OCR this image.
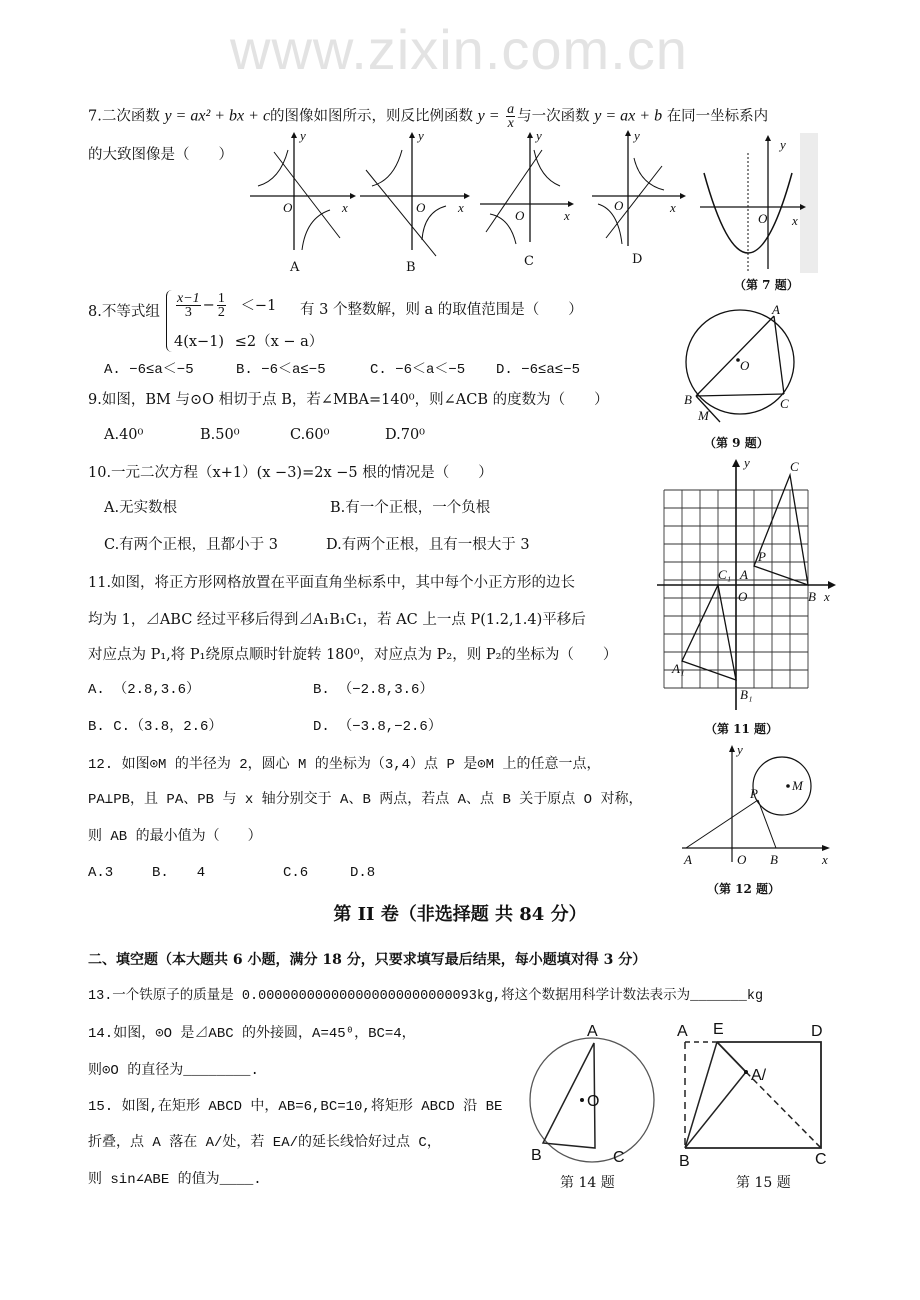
www.zixin.com.cn
7.二次函数 y = ax² + bx + c的图像如图所示，则反比例函数 $y = \frac{a}{x}$ 与一次函数 y = ax + b 在同一坐标系内
的大致图像是（　　）
y
O	x
A
y
O	x
B
y
O	x
C
y
O	x
D
y
O x
（第 7 题）
8.不等式组 $\frac{x-1}{3} - \frac{1}{2} <-1$
4(x−1) ≤2（x − a）
有 3 个整数解，则 a 的取值范围是（　　）
A. −6≤a＜−5	B. −6＜a≤−5	C. −6＜a＜−5 D. −6≤a≤−5
9.如图，BM 与⊙O 相切于点 B，若∠MBA=140⁰，则∠ACB 的度数为（　　）
A.40⁰	B.50⁰	C.60⁰	D.70⁰
A
B	C
O
M
（第 9 题）
10.一元二次方程（x+1）(x −3)=2x −5 根的情况是（　　）
A.无实数根	B.有一个正根，一个负根
C.有两个正根，且都小于 3	D.有两个正根，且有一根大于 3
11.如图，将正方形网格放置在平面直角坐标系中，其中每个小正方形的边长
均为 1，⊿ABC 经过平移后得到⊿A₁B₁C₁，若 AC 上一点 P(1.2,1.4)平移后
对应点为 P₁,将 P₁绕原点顺时针旋转 180⁰，对应点为 P₂，则 P₂的坐标为（　　）
A. （2.8,3.6）	B. （−2.8,3.6）
B. C.（3.8，2.6）	D. （−3.8,−2.6）
y
x
C
A
B
P
O
C₁
A₁
B₁
（第 11 题）
12. 如图⊙M 的半径为 2，圆心 M 的坐标为（3,4）点 P 是⊙M 上的任意一点，
PA⊥PB，且 PA、PB 与 x 轴分别交于 A、B 两点，若点 A、点 B 关于原点 O 对称，
则 AB 的最小值为（　　）
A.3	B.　　4	C.6	D.8
y
x
M
P
A	O B
（第 12 题）
第 II 卷（非选择题 共 84 分）
二、填空题（本大题共 6 小题，满分 18 分，只要求填写最后结果，每小题填对得 3 分）
13.一个铁原子的质量是 0.000000000000000000000000093kg,将这个数据用科学计数法表示为_______kg
14.如图，⊙O 是⊿ABC 的外接圆，A=45⁰，BC=4，
则⊙O 的直径为________.
15. 如图,在矩形 ABCD 中，AB=6,BC=10,将矩形 ABCD 沿 BE
折叠，点 A 落在 A/处，若 EA/的延长线恰好过点 C，
则 sin∠ABE 的值为____.
A
O
B	C
第 14 题
A E	D
A/
B	C
第 15 题
